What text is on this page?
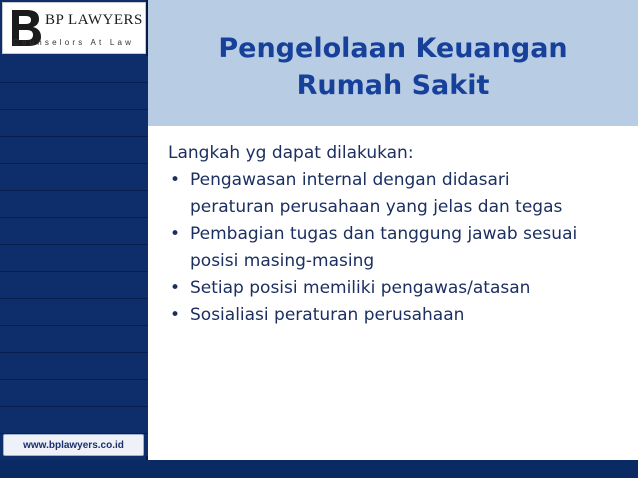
BP LAWYERS
Counselors At Law
www.bplawyers.co.id
Pengelolaan Keuangan
Rumah Sakit

Langkah yg dapat dilakukan:

• Pengawasan internal dengan didasari
peraturan perusahaan yang jelas dan tegas
• Pembagian tugas dan tanggung jawab sesuai
posisi masing-masing
• Setiap posisi memiliki pengawas/atasan
• Sosialiasi peraturan perusahaan
